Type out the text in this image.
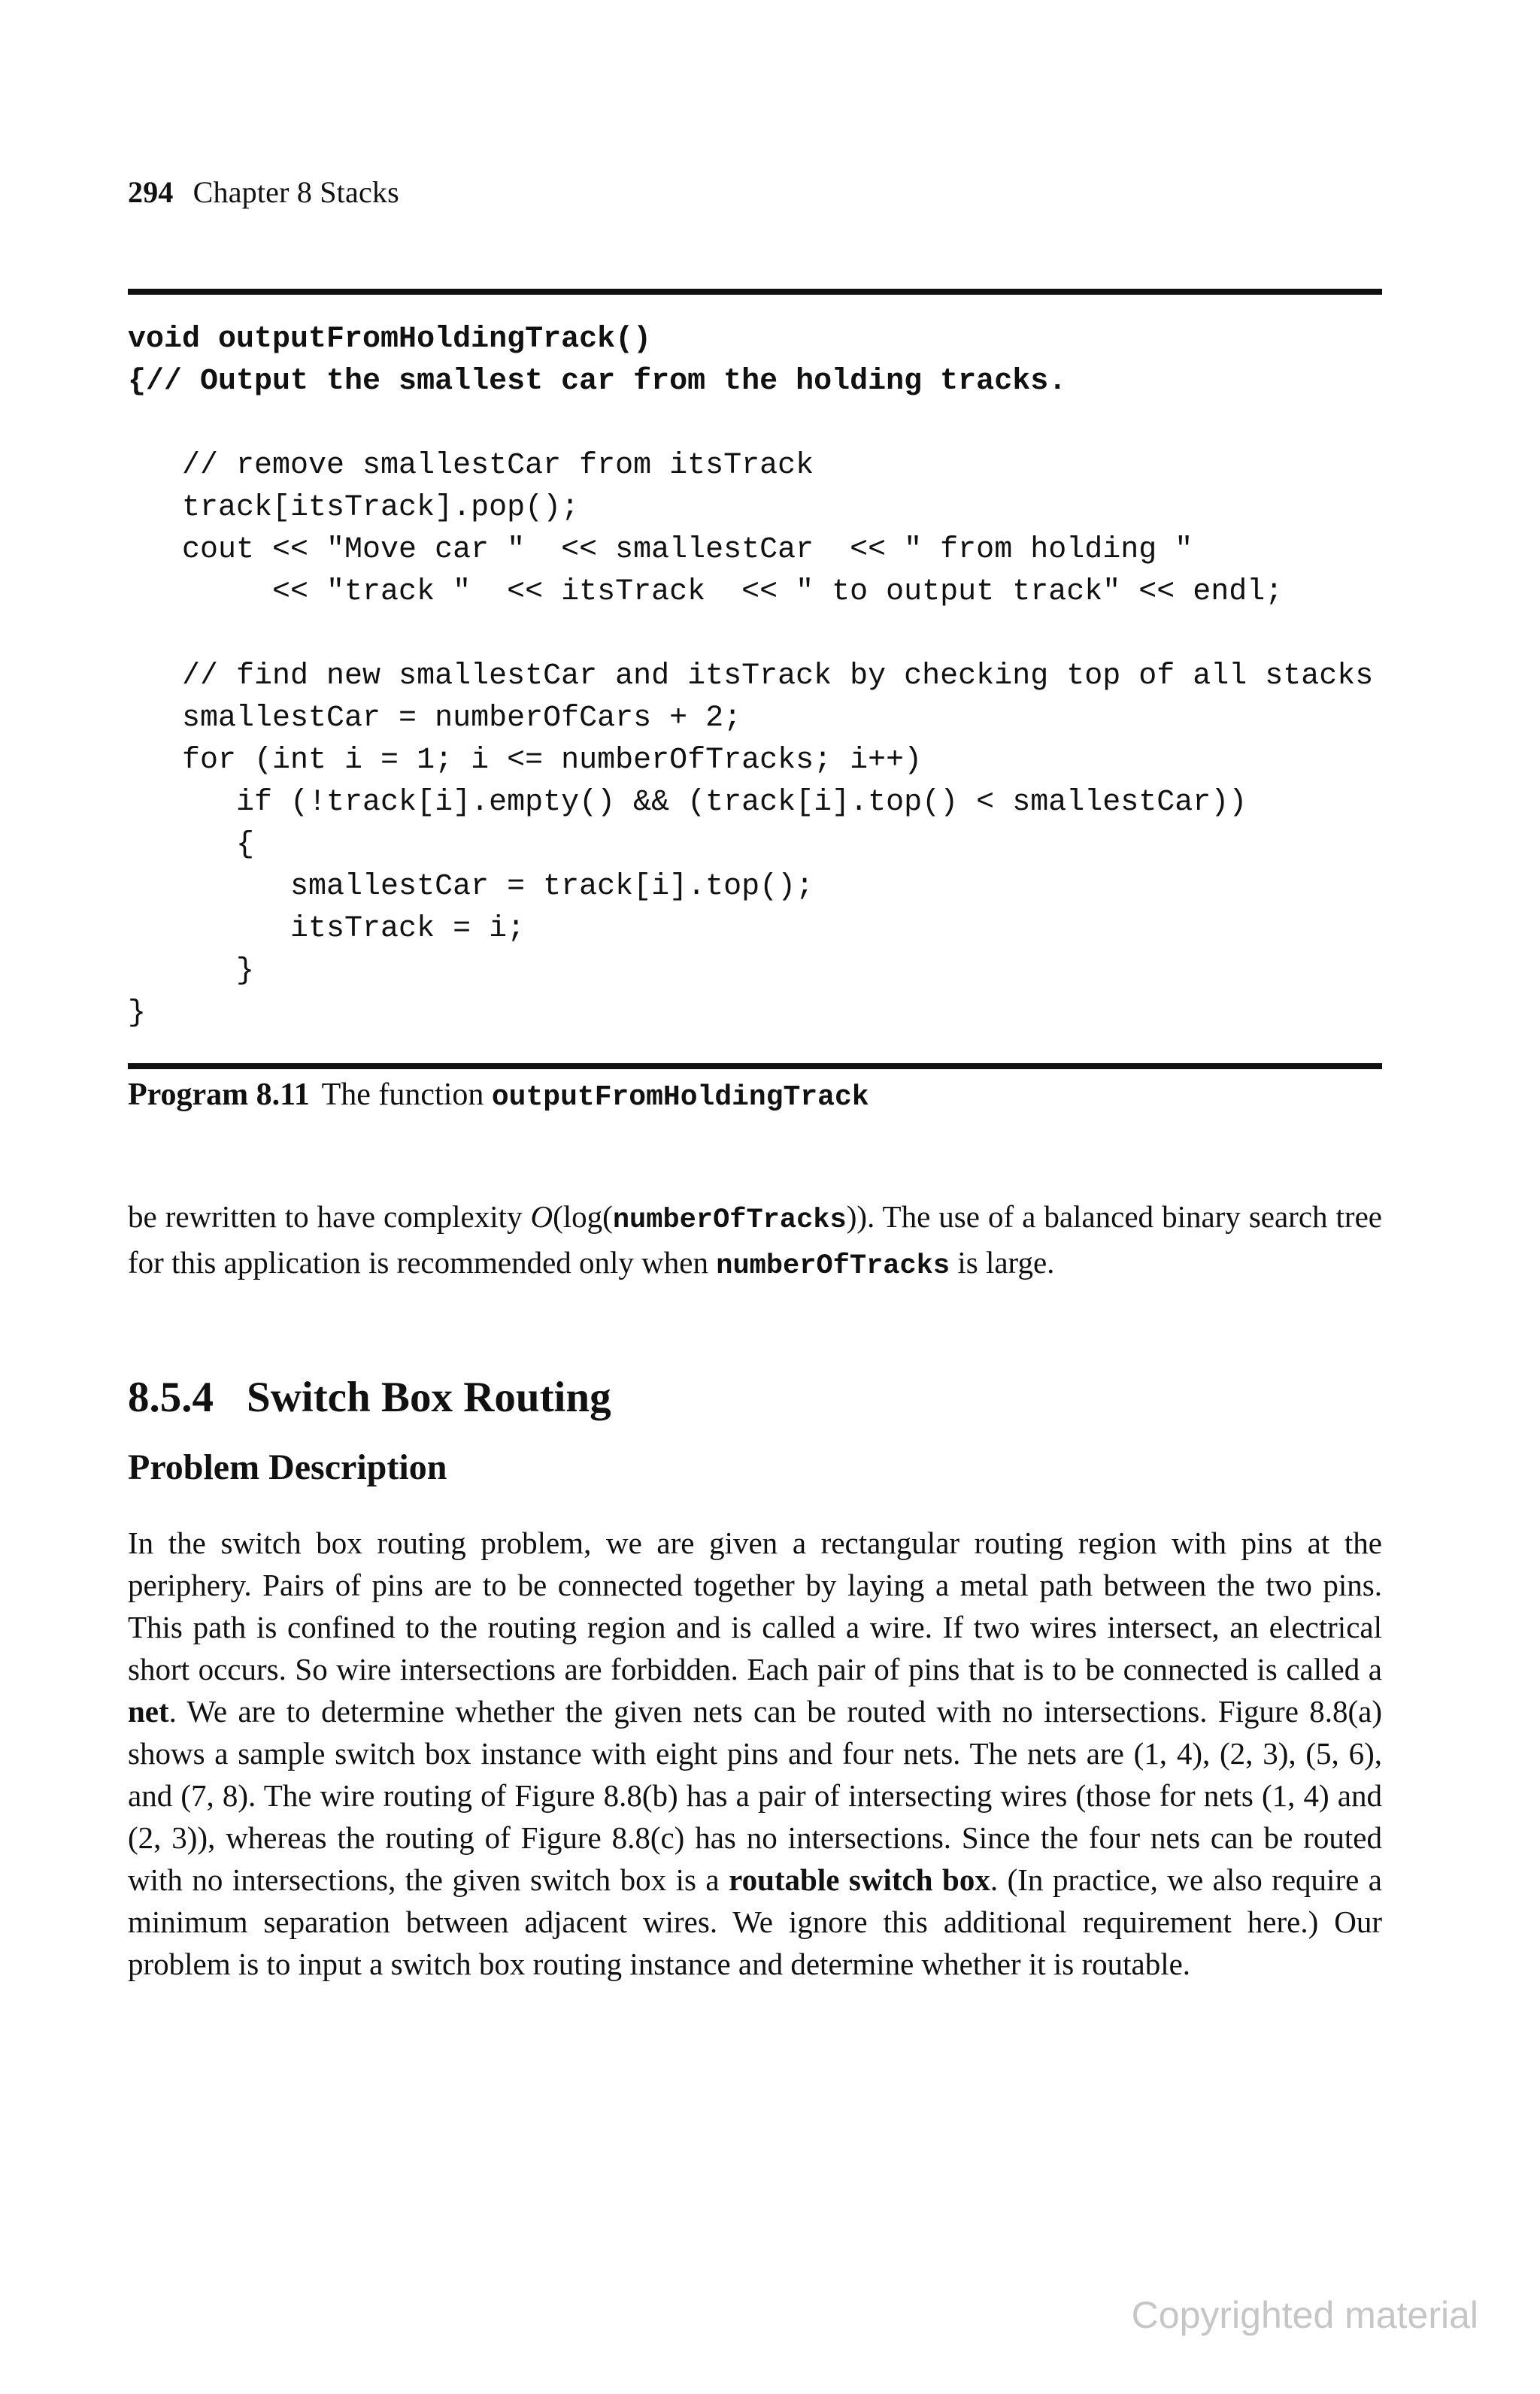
294 Chapter 8 Stacks
void outputFromHoldingTrack()
{// Output the smallest car from the holding tracks.
// remove smallestCar from itsTrack
track[itsTrack].pop();
cout << "Move car "  << smallestCar  << " from holding "
<< "track "  << itsTrack  << " to output track" << endl;

// find new smallestCar and itsTrack by checking top of all stacks
smallestCar = numberOfCars + 2;
for (int i = 1; i <= numberOfTracks; i++)
if (!track[i].empty() && (track[i].top() < smallestCar))
{
smallestCar = track[i].top();
itsTrack = i;
}
}
Program 8.11 The function outputFromHoldingTrack

be rewritten to have complexity O(log(numberOfTracks)). The use of a balanced binary search tree for this application is recommended only when numberOfTracks is large.

8.5.4 Switch Box Routing
Problem Description

In the switch box routing problem, we are given a rectangular routing region with pins at the periphery. Pairs of pins are to be connected together by laying a metal path between the two pins. This path is confined to the routing region and is called a wire. If two wires intersect, an electrical short occurs. So wire intersections are forbidden. Each pair of pins that is to be connected is called a net. We are to determine whether the given nets can be routed with no intersections. Figure 8.8(a) shows a sample switch box instance with eight pins and four nets. The nets are (1, 4), (2, 3), (5, 6), and (7, 8). The wire routing of Figure 8.8(b) has a pair of intersecting wires (those for nets (1, 4) and (2, 3)), whereas the routing of Figure 8.8(c) has no intersections. Since the four nets can be routed with no intersections, the given switch box is a routable switch box. (In practice, we also require a minimum separation between adjacent wires. We ignore this additional requirement here.) Our problem is to input a switch box routing instance and determine whether it is routable.

Copyrighted material
